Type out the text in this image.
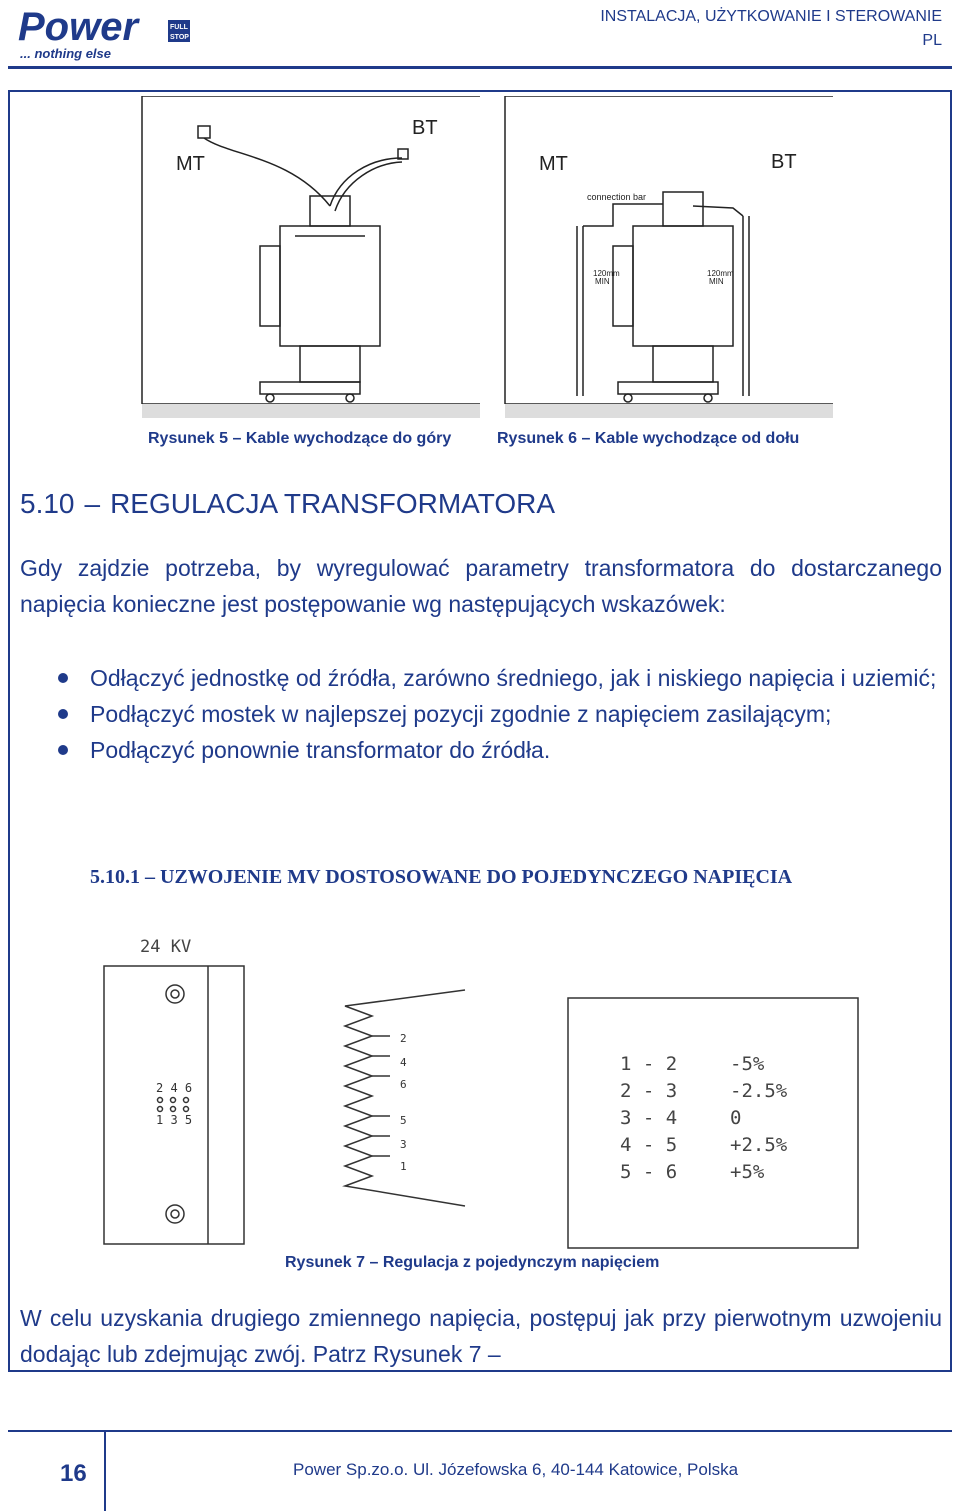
Power	FULL
STOP
... nothing else
INSTALACJA, UŻYTKOWANIE I STEROWANIE
PL
MT
BT
Rysunek 5 – Kable wychodzące do góry
MT	BT
connection bar
120mm
MIN
120mm
MIN
Rysunek 6 – Kable wychodzące od dołu
5.10 – REGULACJA TRANSFORMATORA
Gdy zajdzie potrzeba, by wyregulować parametry transformatora do dostarczanego napięcia konieczne jest postępowanie wg następujących wskazówek:
Odłączyć jednostkę od źródła, zarówno średniego, jak i niskiego napięcia i uziemić;
Podłączyć mostek w najlepszej pozycji zgodnie z napięciem zasilającym;
Podłączyć ponownie transformator do źródła.
5.10.1 – UZWOJENIE MV DOSTOSOWANE DO POJEDYNCZEGO NAPIĘCIA
24 KV
2 4 6
1 3 5
2
4
6
5
3
1
1 - 2	-5%
2 - 3	-2.5%
3 - 4	0
4 - 5	+2.5%
5 - 6	+5%
Rysunek 7 – Regulacja z pojedynczym napięciem
W celu uzyskania drugiego zmiennego napięcia, postępuj jak przy pierwotnym uzwojeniu dodając lub zdejmując zwój. Patrz Rysunek 7 –
16	Power Sp.zo.o. Ul. Józefowska 6, 40-144 Katowice, Polska
